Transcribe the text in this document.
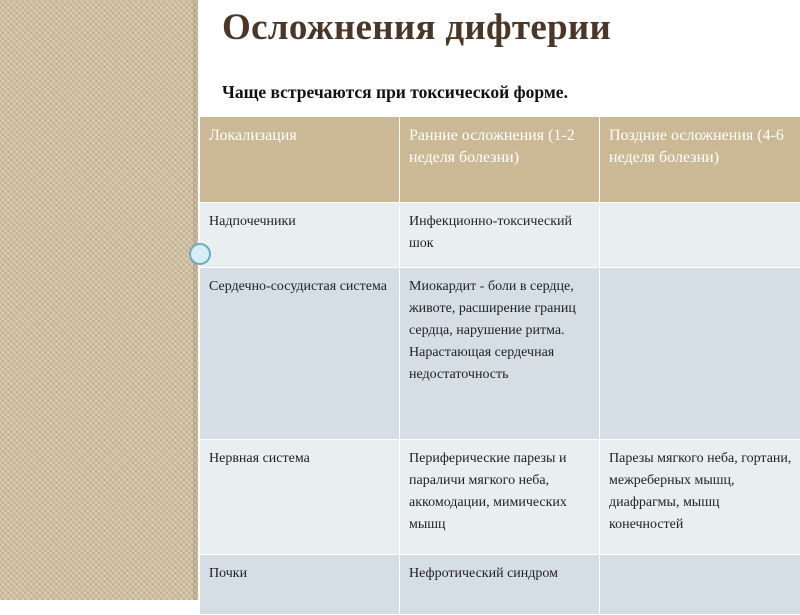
Осложнения дифтерии
Чаще встречаются при токсической форме.
Локализация	Ранние осложнения (1-2 неделя болезни)	Поздние осложнения (4-6 неделя болезни)
Надпочечники	Инфекционно-токсический шок	
Сердечно-сосудистая система	Миокардит - боли в сердце, животе, расширение границ сердца, нарушение ритма. Нарастающая сердечная недостаточность	
Нервная система	Периферические парезы и параличи мягкого неба, аккомодации, мимических мышц	Парезы мягкого неба, гортани, межреберных мышц, диафрагмы, мышц конечностей
Почки	Нефротический синдром	
